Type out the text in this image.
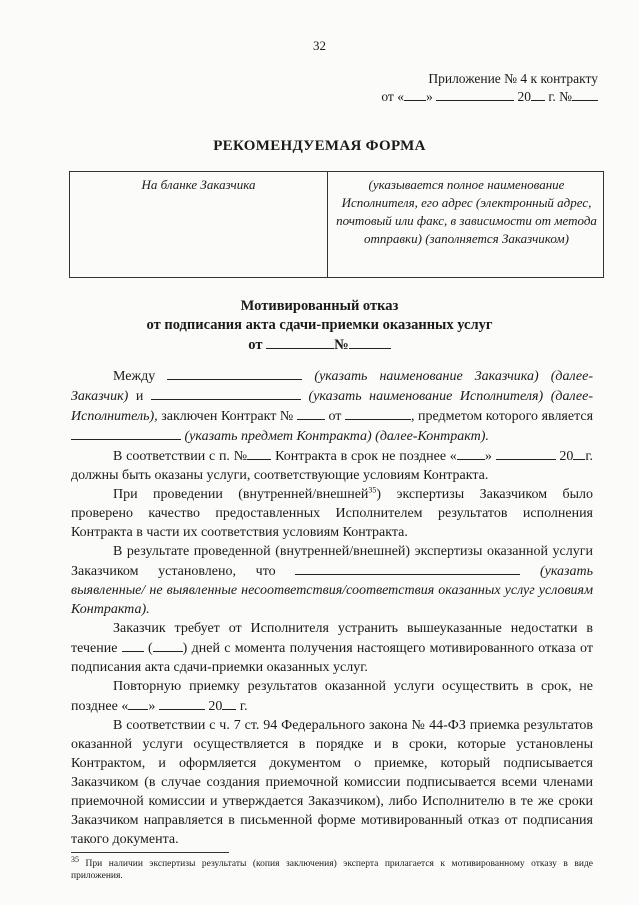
32
Приложение № 4 к контракту
от « »	20 г. №
РЕКОМЕНДУЕМАЯ ФОРМА
На бланке Заказчика	(указывается полное наименование Исполнителя, его адрес (электронный адрес, почтовый или факс, в зависимости от метода отправки) (заполняется Заказчиком)
Мотивированный отказ
от подписания акта сдачи-приемки оказанных услуг
от	№

Между	(указать наименование Заказчика) (далее-Заказчик) и	(указать наименование Исполнителя) (далее-Исполнитель), заключен Контракт №	от	, предметом которого является  (указать предмет Контракта) (далее-Контракт).

В соответствии с п. № Контракта в срок не позднее « »	20 г. должны быть оказаны услуги, соответствующие условиям Контракта.

При проведении (внутренней/внешней$^{35}$) экспертизы Заказчиком было проверено качество предоставленных Исполнителем результатов исполнения Контракта в части их соответствия условиям Контракта.

В результате проведенной (внутренней/внешней) экспертизы оказанной услуги Заказчиком установлено, что	(указать выявленные/ не выявленные несоответствия/соответствия оказанных услуг условиям Контракта).

Заказчик требует от Исполнителя устранить вышеуказанные недостатки в течение ( ) дней с момента получения настоящего мотивированного отказа от подписания акта сдачи-приемки оказанных услуг.

Повторную приемку результатов оказанной услуги осуществить в срок, не позднее « »	20 г.

В соответствии с ч. 7 ст. 94 Федерального закона № 44-ФЗ приемка результатов оказанной услуги осуществляется в порядке и в сроки, которые установлены Контрактом, и оформляется документом о приемке, который подписывается Заказчиком (в случае создания приемочной комиссии подписывается всеми членами приемочной комиссии и утверждается Заказчиком), либо Исполнителю в те же сроки Заказчиком направляется в письменной форме мотивированный отказ от подписания такого документа.

$^{35}$ При наличии экспертизы результаты (копия заключения) эксперта прилагается к мотивированному отказу в виде приложения.
